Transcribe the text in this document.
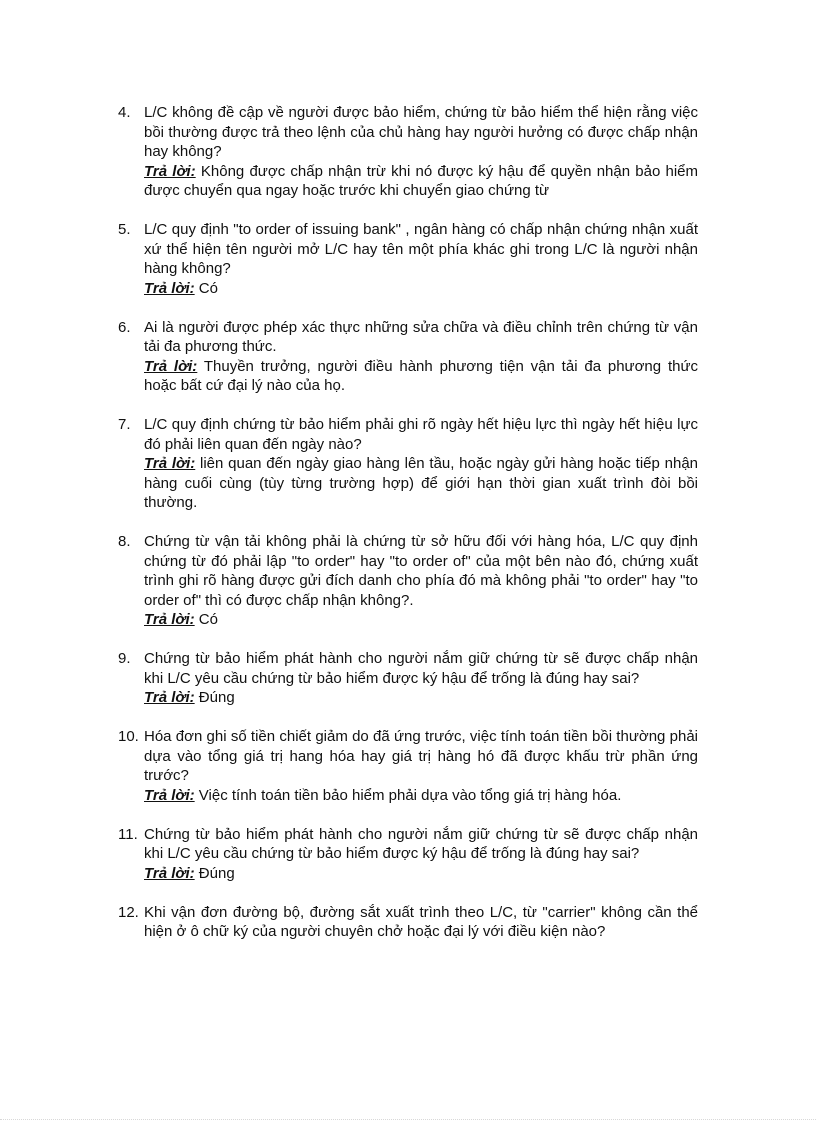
4. L/C không đề cập về người được bảo hiểm, chứng từ bảo hiểm thể hiện rằng việc bồi thường được trả theo lệnh của chủ hàng hay người hưởng có được chấp nhận hay không?

Trả lời: Không được chấp nhận trừ khi nó được ký hậu để quyền nhận bảo hiểm được chuyển qua ngay hoặc trước khi chuyển giao chứng từ

5. L/C quy định "to order of issuing bank" , ngân hàng có chấp nhận chứng nhận xuất xứ thể hiện tên người mở L/C hay tên một phía khác ghi trong L/C là người nhận hàng không?

Trả lời: Có

6. Ai là người được phép xác thực những sửa chữa và điều chỉnh trên chứng từ vận tải đa phương thức.

Trả lời: Thuyền trưởng, người điều hành phương tiện vận tải đa phương thức hoặc bất cứ đại lý nào của họ.

7. L/C quy định chứng từ bảo hiểm phải ghi rõ ngày hết hiệu lực thì ngày hết hiệu lực đó phải liên quan đến ngày nào?

Trả lời: liên quan đến ngày giao hàng lên tầu, hoặc ngày gửi hàng hoặc tiếp nhận hàng cuối cùng (tùy từng trường hợp) để giới hạn thời gian xuất trình đòi bồi thường.

8. Chứng từ vận tải không phải là chứng từ sở hữu đối với hàng hóa, L/C quy định chứng từ đó phải lập "to order" hay "to order of" của một bên nào đó, chứng xuất trình ghi rõ hàng được gửi đích danh cho phía đó mà không phải "to order" hay "to order of" thì có được chấp nhận không?.

Trả lời: Có

9. Chứng từ bảo hiểm phát hành cho người nắm giữ chứng từ sẽ được chấp nhận khi L/C yêu cầu chứng từ bảo hiểm được ký hậu để trống là đúng hay sai?

Trả lời: Đúng

10. Hóa đơn ghi số tiền chiết giảm do đã ứng trước, việc tính toán tiền bồi thường phải dựa vào tổng giá trị hang hóa hay giá trị hàng hó đã được khấu trừ phần ứng trước?

Trả lời: Việc tính toán tiền bảo hiểm phải dựa vào tổng giá trị hàng hóa.

11. Chứng từ bảo hiểm phát hành cho người nắm giữ chứng từ sẽ được chấp nhận khi L/C yêu cầu chứng từ bảo hiểm được ký hậu để trống là đúng hay sai?

Trả lời: Đúng

12. Khi vận đơn đường bộ, đường sắt xuất trình theo L/C, từ "carrier" không cần thể hiện ở ô chữ ký của người chuyên chở hoặc đại lý với điều kiện nào?
